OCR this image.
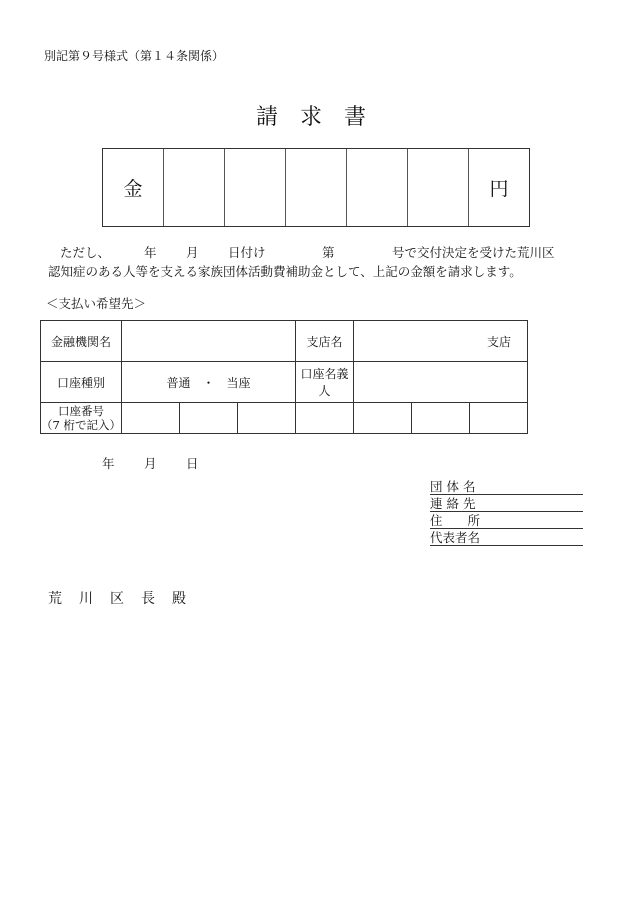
別記第９号様式（第１４条関係）
請求書
金	円
ただし、	年 月 日付け	第	号で交付決定を受けた荒川区
認知症のある人等を支える家族団体活動費補助金として、上記の金額を請求します。
＜支払い希望先＞
金融機関名				支店名	支店		
口座種別	普通　・　当座			口座名義人			

口座番号
（7 桁で記入）							

年 月 日
団 体 名
連 絡 先
住　　所
代表者名
荒川区長殿
